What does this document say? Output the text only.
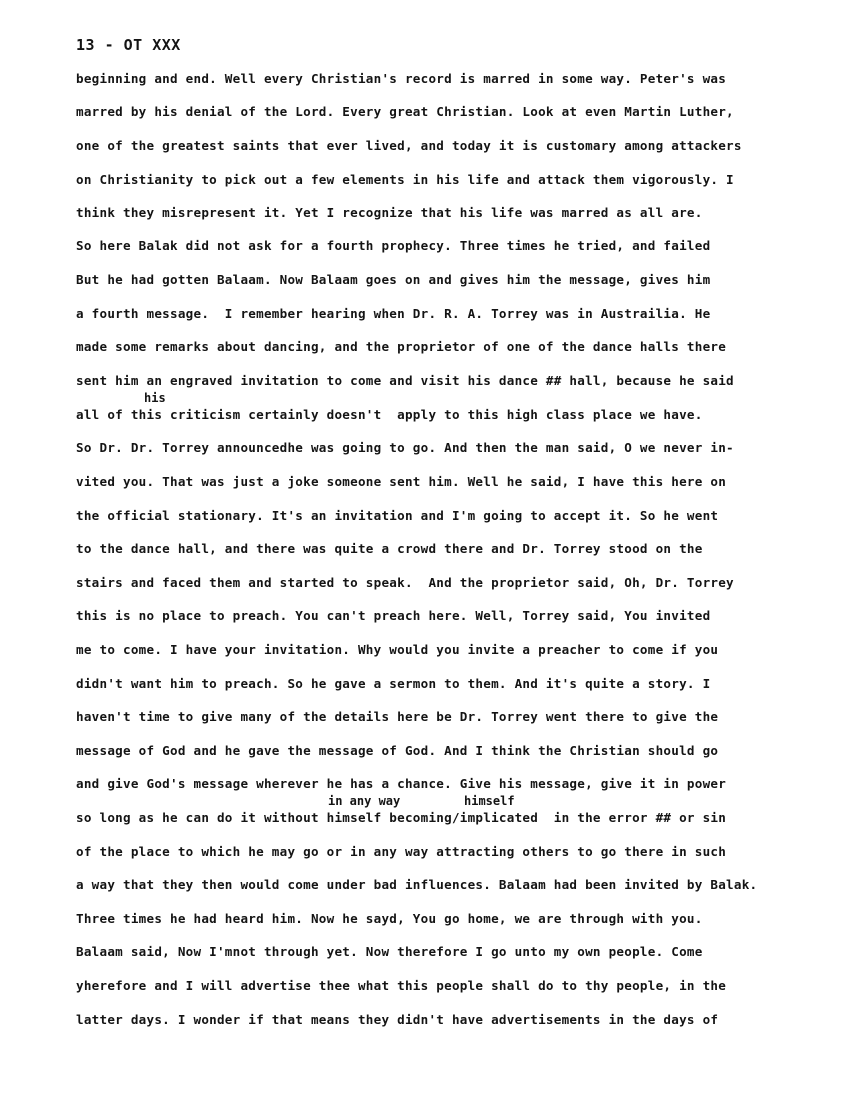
13 - OT XXX
beginning and end. Well every Christian's record is marred in some way. Peter's was
marred by his denial of the Lord. Every great Christian. Look at even Martin Luther,
one of the greatest saints that ever lived, and today it is customary among attackers
on Christianity to pick out a few elements in his life and attack them vigorously. I
think they misrepresent it. Yet I recognize that his life was marred as all are.
So here Balak did not ask for a fourth prophecy. Three times he tried, and failed
But he had gotten Balaam. Now Balaam goes on and gives him the message, gives him
a fourth message.  I remember hearing when Dr. R. A. Torrey was in Austrailia. He
made some remarks about dancing, and the proprietor of one of the dance halls there
sent him an engraved invitation to come and visit his dance ## hall, because he said
his
all of this criticism certainly doesn't  apply to this high class place we have.
So Dr. Dr. Torrey announcedhe was going to go. And then the man said, O we never in-
vited you. That was just a joke someone sent him. Well he said, I have this here on
the official stationary. It's an invitation and I'm going to accept it. So he went
to the dance hall, and there was quite a crowd there and Dr. Torrey stood on the
stairs and faced them and started to speak.  And the proprietor said, Oh, Dr. Torrey
this is no place to preach. You can't preach here. Well, Torrey said, You invited
me to come. I have your invitation. Why would you invite a preacher to come if you
didn't want him to preach. So he gave a sermon to them. And it's quite a story. I
haven't time to give many of the details here be Dr. Torrey went there to give the
message of God and he gave the message of God. And I think the Christian should go
and give God's message wherever he has a chance. Give his message, give it in power
in any way	himself
so long as he can do it without himself becoming/implicated  in the error ## or sin
of the place to which he may go or in any way attracting others to go there in such
a way that they then would come under bad influences. Balaam had been invited by Balak.
Three times he had heard him. Now he sayd, You go home, we are through with you.
Balaam said, Now I'mnot through yet. Now therefore I go unto my own people. Come
yherefore and I will advertise thee what this people shall do to thy people, in the
latter days. I wonder if that means they didn't have advertisements in the days of
